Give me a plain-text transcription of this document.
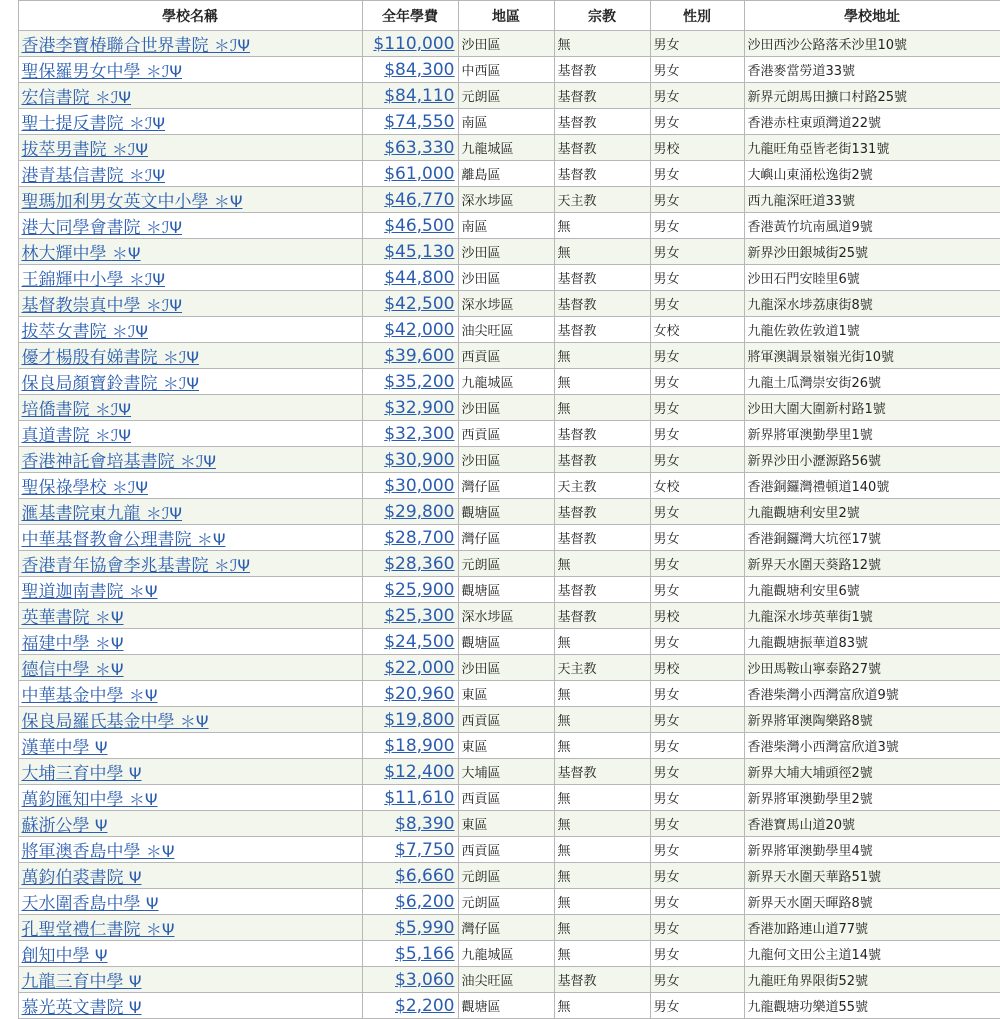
	學校名稱	全年學費	地區	宗教	性別	學校地址
	香港李寶椿聯合世界書院 ＊ℐΨ	$110,000	沙田區	無	男女	沙田西沙公路落禾沙里10號
	聖保羅男女中學 ＊ℐΨ	$84,300	中西區	基督教	男女	香港麥當勞道33號
	宏信書院 ＊ℐΨ	$84,110	元朗區	基督教	男女	新界元朗馬田擴口村路25號
	聖士提反書院 ＊ℐΨ	$74,550	南區	基督教	男女	香港赤柱東頭灣道22號
	拔萃男書院 ＊ℐΨ	$63,330	九龍城區	基督教	男校	九龍旺角亞皆老街131號
	港青基信書院 ＊ℐΨ	$61,000	離島區	基督教	男女	大嶼山東涌松逸街2號
	聖瑪加利男女英文中小學 ＊Ψ	$46,770	深水埗區	天主教	男女	西九龍深旺道33號
	港大同學會書院 ＊ℐΨ	$46,500	南區	無	男女	香港黃竹坑南風道9號
	林大輝中學 ＊Ψ	$45,130	沙田區	無	男女	新界沙田銀城街25號
	王錦輝中小學 ＊ℐΨ	$44,800	沙田區	基督教	男女	沙田石門安睦里6號
	基督教崇真中學 ＊ℐΨ	$42,500	深水埗區	基督教	男女	九龍深水埗荔康街8號
	拔萃女書院 ＊ℐΨ	$42,000	油尖旺區	基督教	女校	九龍佐敦佐敦道1號
	優才楊殷有娣書院 ＊ℐΨ	$39,600	西貢區	無	男女	將軍澳調景嶺嶺光街10號
	保良局顏寶鈴書院 ＊ℐΨ	$35,200	九龍城區	無	男女	九龍土瓜灣崇安街26號
	培僑書院 ＊ℐΨ	$32,900	沙田區	無	男女	沙田大圍大圍新村路1號
	真道書院 ＊ℐΨ	$32,300	西貢區	基督教	男女	新界將軍澳勤學里1號
	香港神託會培基書院 ＊ℐΨ	$30,900	沙田區	基督教	男女	新界沙田小瀝源路56號
	聖保祿學校 ＊ℐΨ	$30,000	灣仔區	天主教	女校	香港銅鑼灣禮頓道140號
	滙基書院東九龍 ＊ℐΨ	$29,800	觀塘區	基督教	男女	九龍觀塘利安里2號
	中華基督教會公理書院 ＊Ψ	$28,700	灣仔區	基督教	男女	香港銅鑼灣大坑徑17號
	香港青年協會李兆基書院 ＊ℐΨ	$28,360	元朗區	無	男女	新界天水圍天葵路12號
	聖道迦南書院 ＊Ψ	$25,900	觀塘區	基督教	男女	九龍觀塘利安里6號
	英華書院 ＊Ψ	$25,300	深水埗區	基督教	男校	九龍深水埗英華街1號
	福建中學 ＊Ψ	$24,500	觀塘區	無	男女	九龍觀塘振華道83號
	德信中學 ＊Ψ	$22,000	沙田區	天主教	男校	沙田馬鞍山寧泰路27號
	中華基金中學 ＊Ψ	$20,960	東區	無	男女	香港柴灣小西灣富欣道9號
	保良局羅氏基金中學 ＊Ψ	$19,800	西貢區	無	男女	新界將軍澳陶樂路8號
	漢華中學 Ψ	$18,900	東區	無	男女	香港柴灣小西灣富欣道3號
	大埔三育中學 Ψ	$12,400	大埔區	基督教	男女	新界大埔大埔頭徑2號
	萬鈞匯知中學 ＊Ψ	$11,610	西貢區	無	男女	新界將軍澳勤學里2號
	蘇浙公學 Ψ	$8,390	東區	無	男女	香港寶馬山道20號
	將軍澳香島中學 ＊Ψ	$7,750	西貢區	無	男女	新界將軍澳勤學里4號
	萬鈞伯裘書院 Ψ	$6,660	元朗區	無	男女	新界天水圍天華路51號
	天水圍香島中學 Ψ	$6,200	元朗區	無	男女	新界天水圍天暉路8號
	孔聖堂禮仁書院 ＊Ψ	$5,990	灣仔區	無	男女	香港加路連山道77號
	創知中學 Ψ	$5,166	九龍城區	無	男女	九龍何文田公主道14號
	九龍三育中學 Ψ	$3,060	油尖旺區	基督教	男女	九龍旺角界限街52號
	慕光英文書院 Ψ	$2,200	觀塘區	無	男女	九龍觀塘功樂道55號
